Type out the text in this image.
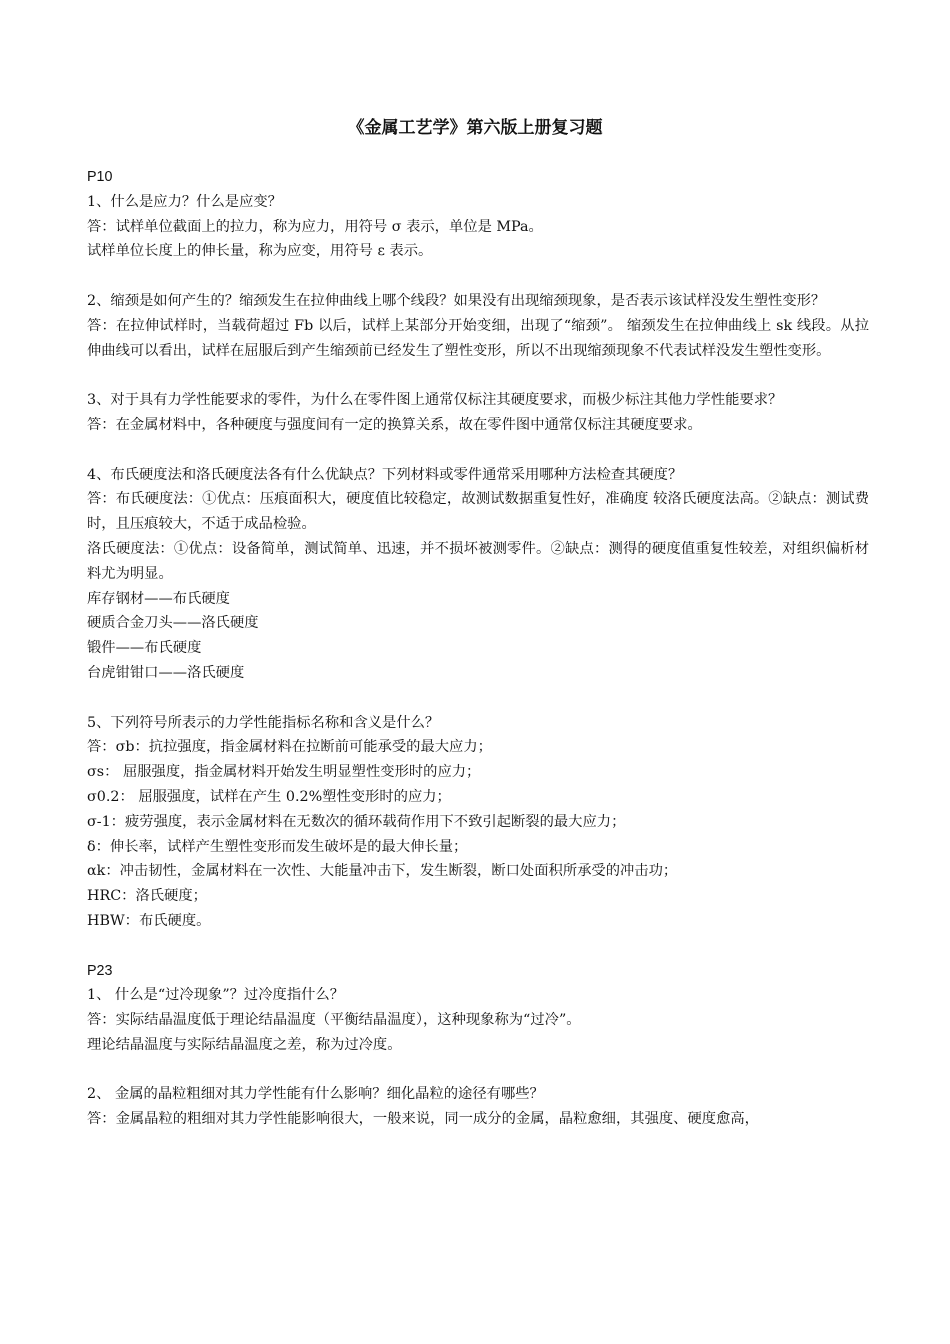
《金属工艺学》第六版上册复习题
P10
1、什么是应力？什么是应变？
答：试样单位截面上的拉力，称为应力，用符号 σ 表示，单位是 MPa。
试样单位长度上的伸长量，称为应变，用符号 ε 表示。
2、缩颈是如何产生的？缩颈发生在拉伸曲线上哪个线段？如果没有出现缩颈现象，是否表示该试样没发生塑性变形？
答：在拉伸试样时，当载荷超过 Fb 以后，试样上某部分开始变细，出现了“缩颈”。 缩颈发生在拉伸曲线上 sk 线段。从拉伸曲线可以看出，试样在屈服后到产生缩颈前已经发生了塑性变形，所以不出现缩颈现象不代表试样没发生塑性变形。
3、对于具有力学性能要求的零件，为什么在零件图上通常仅标注其硬度要求，而极少标注其他力学性能要求？
答：在金属材料中，各种硬度与强度间有一定的换算关系，故在零件图中通常仅标注其硬度要求。
4、布氏硬度法和洛氏硬度法各有什么优缺点？下列材料或零件通常采用哪种方法检查其硬度？
答：布氏硬度法：①优点：压痕面积大，硬度值比较稳定，故测试数据重复性好，准确度 较洛氏硬度法高。②缺点：测试费时，且压痕较大，不适于成品检验。
洛氏硬度法：①优点：设备简单，测试简单、迅速，并不损坏被测零件。②缺点：测得的硬度值重复性较差，对组织偏析材料尤为明显。
库存钢材——布氏硬度
硬质合金刀头——洛氏硬度
锻件——布氏硬度
台虎钳钳口——洛氏硬度
5、下列符号所表示的力学性能指标名称和含义是什么？
答：σb：抗拉强度，指金属材料在拉断前可能承受的最大应力；
σs： 屈服强度，指金属材料开始发生明显塑性变形时的应力；
σ0.2： 屈服强度，试样在产生 0.2%塑性变形时的应力；
σ-1：疲劳强度，表示金属材料在无数次的循环载荷作用下不致引起断裂的最大应力；
δ：伸长率，试样产生塑性变形而发生破坏是的最大伸长量；
αk：冲击韧性，金属材料在一次性、大能量冲击下，发生断裂，断口处面积所承受的冲击功；
HRC：洛氏硬度；
HBW：布氏硬度。
P23
1、 什么是“过冷现象”？过冷度指什么？
答：实际结晶温度低于理论结晶温度（平衡结晶温度），这种现象称为“过冷”。
理论结晶温度与实际结晶温度之差，称为过冷度。
2、 金属的晶粒粗细对其力学性能有什么影响？细化晶粒的途径有哪些？
答：金属晶粒的粗细对其力学性能影响很大，一般来说，同一成分的金属，晶粒愈细，其强度、硬度愈高，
